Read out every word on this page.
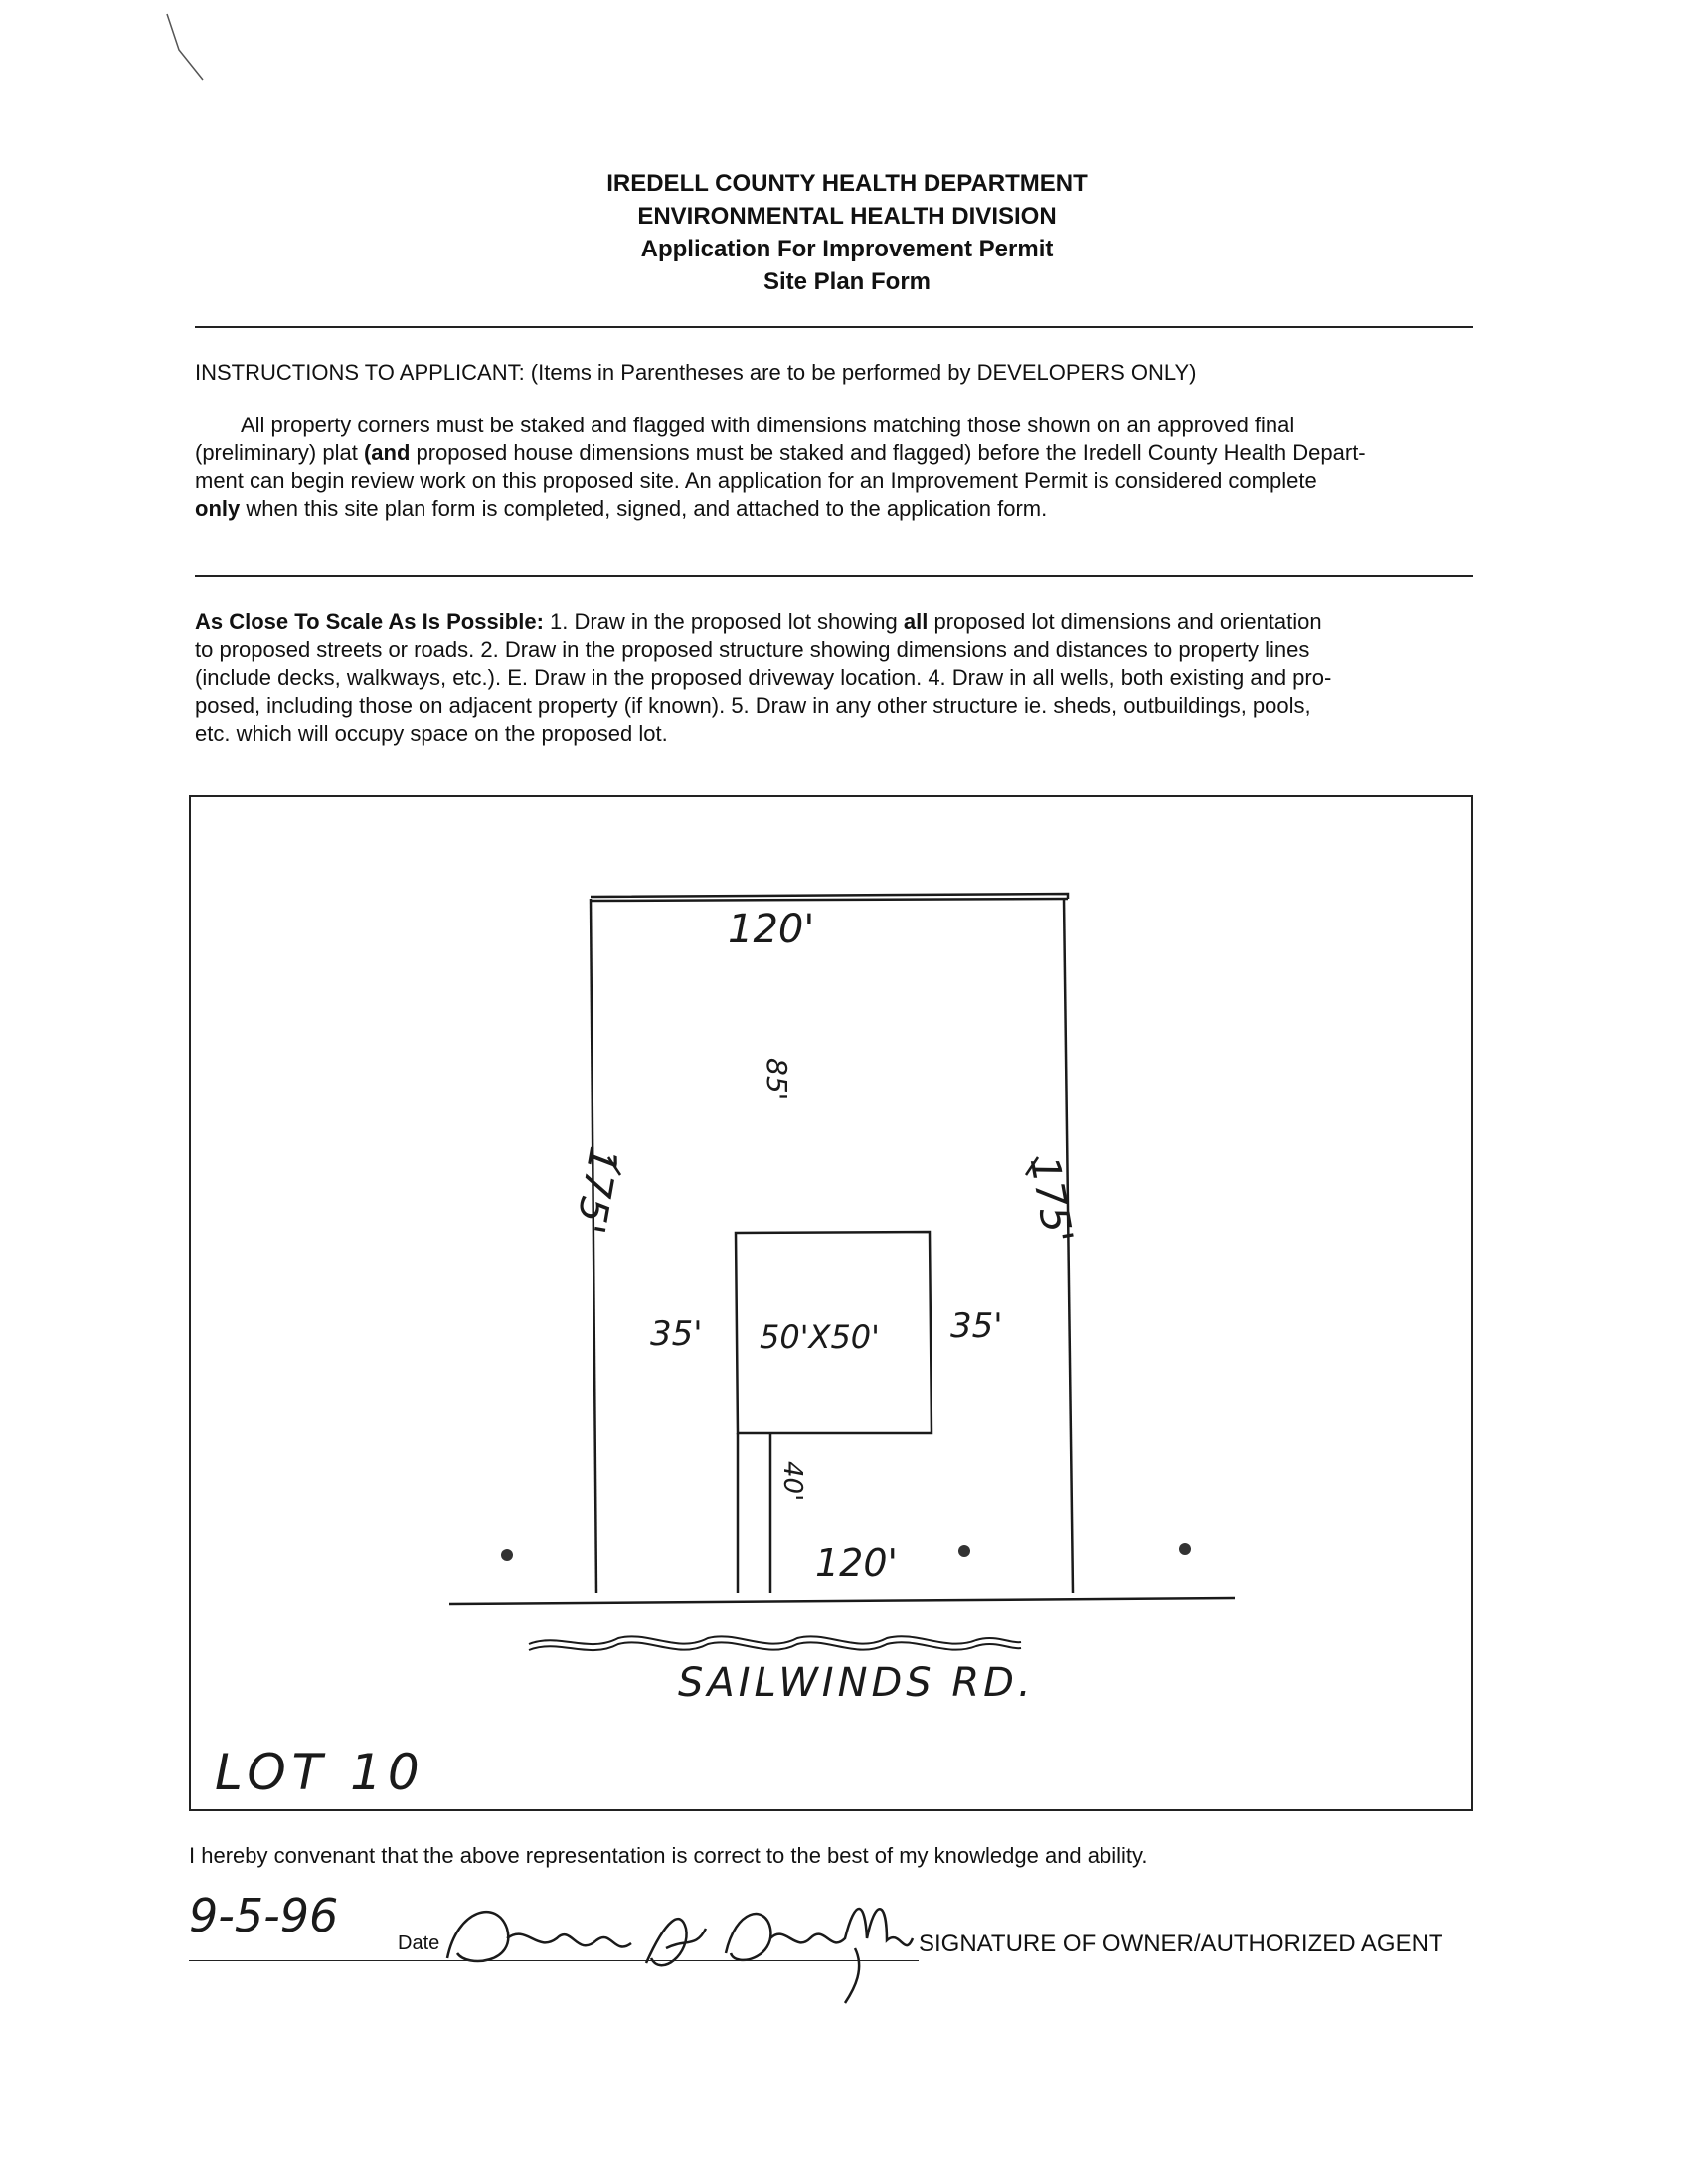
IREDELL COUNTY HEALTH DEPARTMENT
ENVIRONMENTAL HEALTH DIVISION
Application For Improvement Permit
Site Plan Form
INSTRUCTIONS TO APPLICANT: (Items in Parentheses are to be performed by DEVELOPERS ONLY)
All property corners must be staked and flagged with dimensions matching those shown on an approved final
(preliminary) plat (and proposed house dimensions must be staked and flagged) before the Iredell County Health Depart-
ment can begin review work on this proposed site. An application for an Improvement Permit is considered complete
only when this site plan form is completed, signed, and attached to the application form.
As Close To Scale As Is Possible: 1. Draw in the proposed lot showing all proposed lot dimensions and orientation
to proposed streets or roads. 2. Draw in the proposed structure showing dimensions and distances to property lines
(include decks, walkways, etc.). E. Draw in the proposed driveway location. 4. Draw in all wells, both existing and pro-
posed, including those on adjacent property (if known). 5. Draw in any other structure ie. sheds, outbuildings, pools,
etc. which will occupy space on the proposed lot.
120'
85'
175'	175'
35'	35'
50'X50'
40'
120'
SAILWINDS RD.
LOT 10
I hereby convenant that the above representation is correct to the best of my knowledge and ability.
9-5-96
Date	SIGNATURE OF OWNER/AUTHORIZED AGENT
